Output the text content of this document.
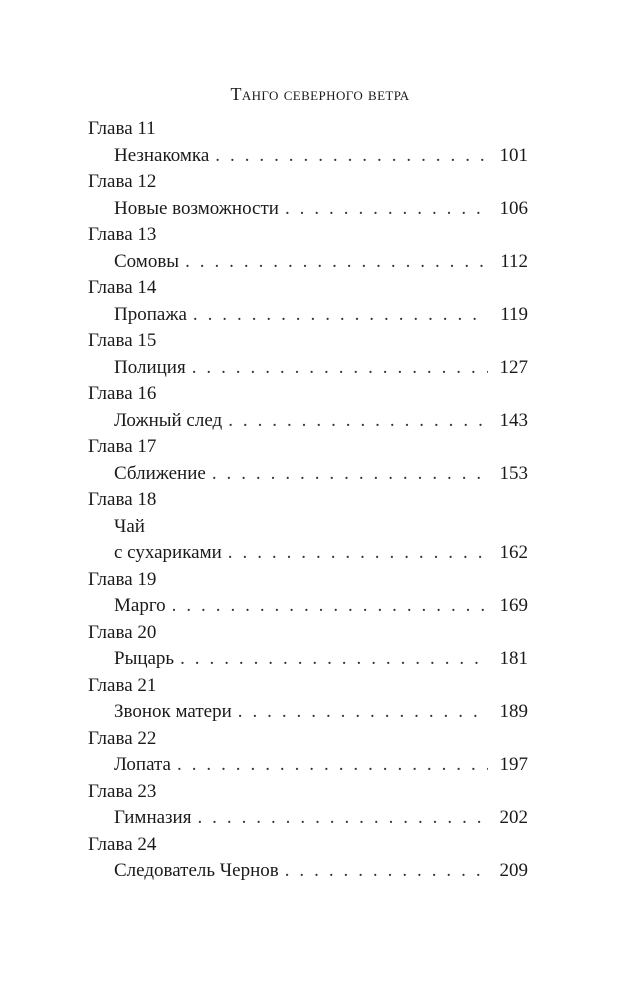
Танго северного ветра
Глава 11
Незнакомка . . .	101
Глава 12
Новые возможности . . .	106
Глава 13
Сомовы . . .	112
Глава 14
Пропажа . . .	119
Глава 15
Полиция . . .	127
Глава 16
Ложный след . . .	143
Глава 17
Сближение . . .	153
Глава 18
Чай
с сухариками . . .	162
Глава 19
Марго . . .	169
Глава 20
Рыцарь . . .	181
Глава 21
Звонок матери . . .	189
Глава 22
Лопата . . .	197
Глава 23
Гимназия . . .	202
Глава 24
Следователь Чернов . . .	209
